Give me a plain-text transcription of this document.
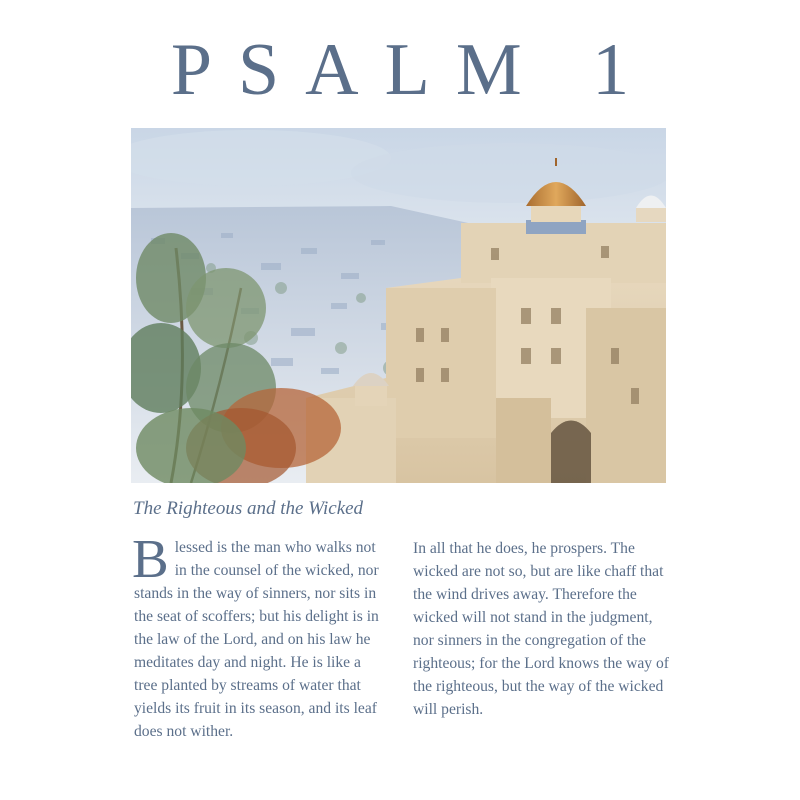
PSALM 1
The Righteous and the Wicked
Blessed is the man who walks not in the counsel of the wicked, nor stands in the way of sinners, nor sits in the seat of scoffers; but his delight is in the law of the Lord, and on his law he meditates day and night. He is like a tree planted by streams of water that yields its fruit in its season, and its leaf does not wither.
In all that he does, he prospers. The wicked are not so, but are like chaff that the wind drives away. Therefore the wicked will not stand in the judgment, nor sinners in the congregation of the righteous; for the Lord knows the way of the righteous, but the way of the wicked will perish.
